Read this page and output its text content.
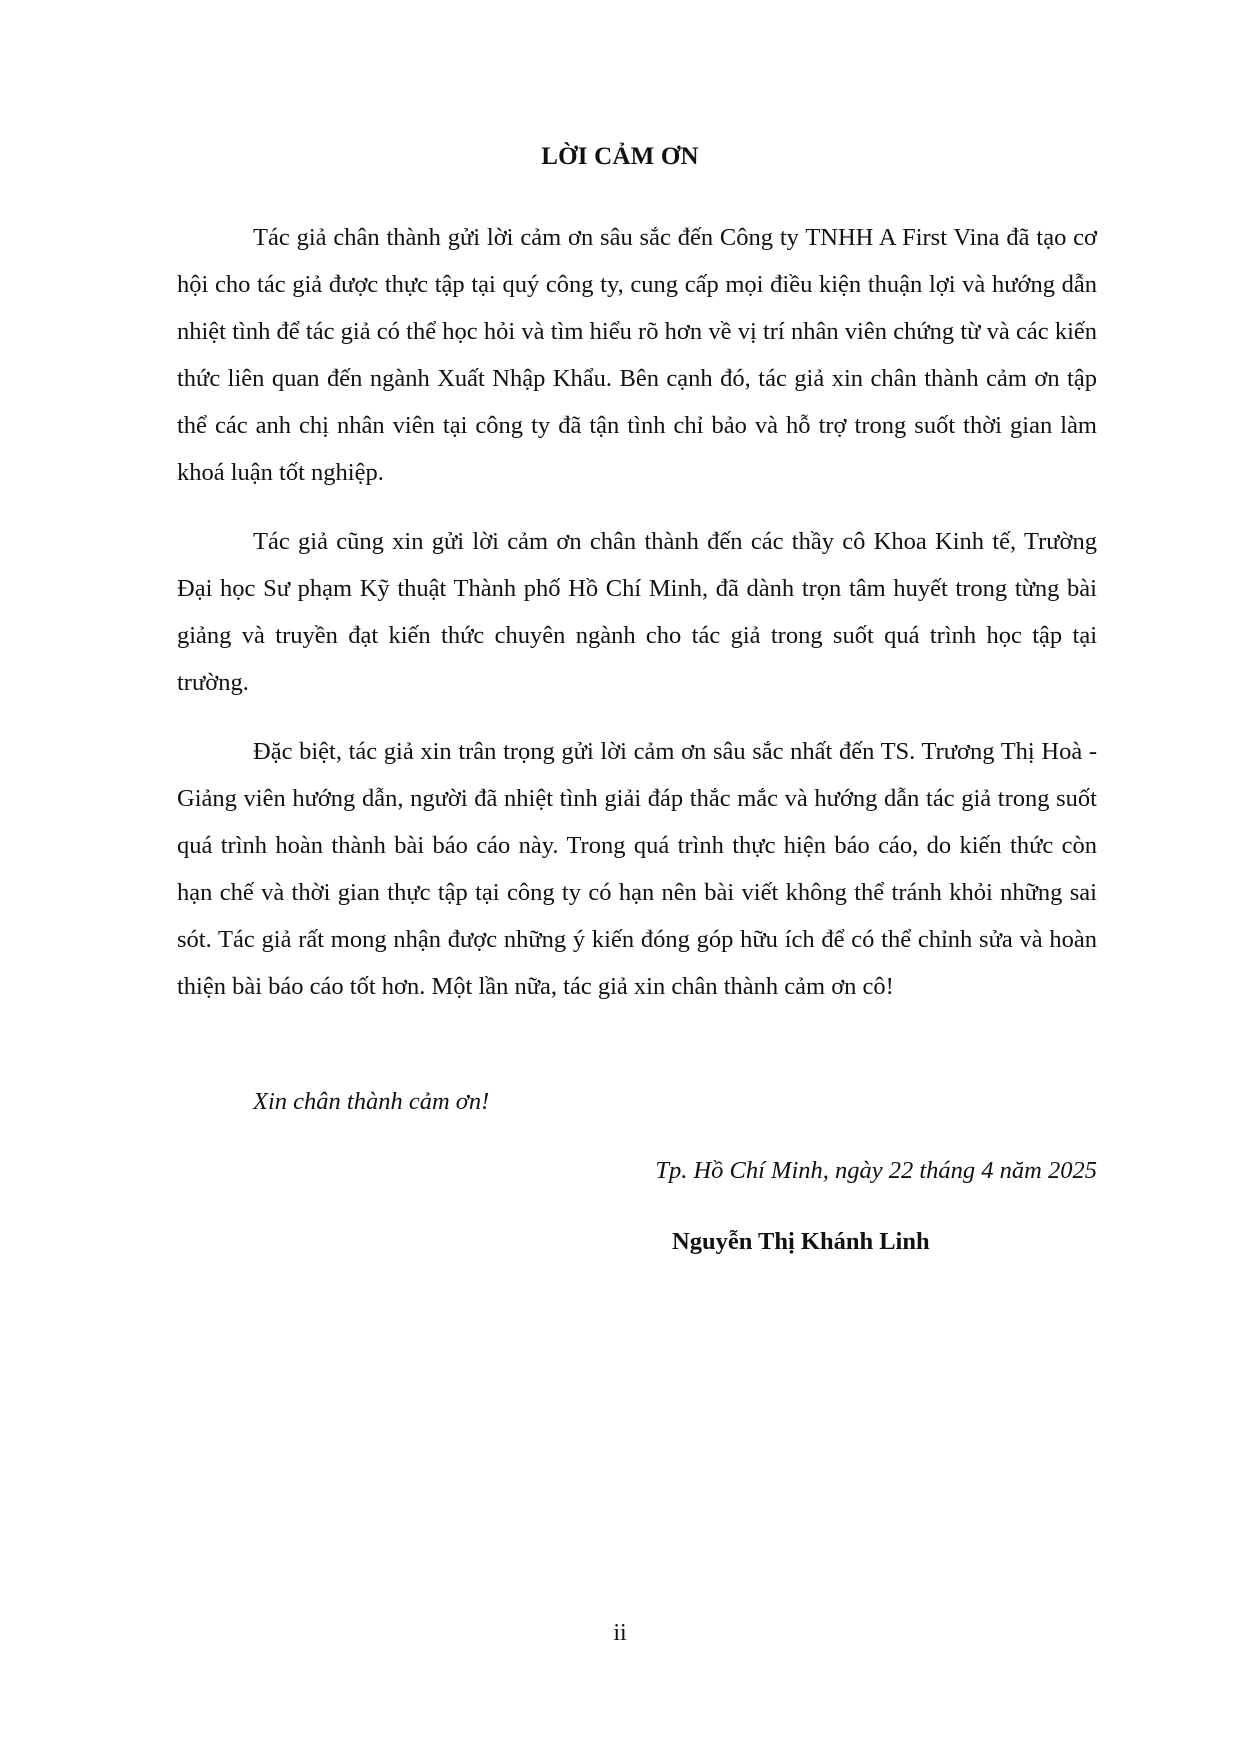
LỜI CẢM ƠN

Tác giả chân thành gửi lời cảm ơn sâu sắc đến Công ty TNHH A First Vina đã tạo cơ hội cho tác giả được thực tập tại quý công ty, cung cấp mọi điều kiện thuận lợi và hướng dẫn nhiệt tình để tác giả có thể học hỏi và tìm hiểu rõ hơn về vị trí nhân viên chứng từ và các kiến thức liên quan đến ngành Xuất Nhập Khẩu. Bên cạnh đó, tác giả xin chân thành cảm ơn tập thể các anh chị nhân viên tại công ty đã tận tình chỉ bảo và hỗ trợ trong suốt thời gian làm khoá luận tốt nghiệp.

Tác giả cũng xin gửi lời cảm ơn chân thành đến các thầy cô Khoa Kinh tế, Trường Đại học Sư phạm Kỹ thuật Thành phố Hồ Chí Minh, đã dành trọn tâm huyết trong từng bài giảng và truyền đạt kiến thức chuyên ngành cho tác giả trong suốt quá trình học tập tại trường.

Đặc biệt, tác giả xin trân trọng gửi lời cảm ơn sâu sắc nhất đến TS. Trương Thị Hoà - Giảng viên hướng dẫn, người đã nhiệt tình giải đáp thắc mắc và hướng dẫn tác giả trong suốt quá trình hoàn thành bài báo cáo này. Trong quá trình thực hiện báo cáo, do kiến thức còn hạn chế và thời gian thực tập tại công ty có hạn nên bài viết không thể tránh khỏi những sai sót. Tác giả rất mong nhận được những ý kiến đóng góp hữu ích để có thể chỉnh sửa và hoàn thiện bài báo cáo tốt hơn. Một lần nữa, tác giả xin chân thành cảm ơn cô!

Xin chân thành cảm ơn!
Tp. Hồ Chí Minh, ngày 22 tháng 4 năm 2025
Nguyễn Thị Khánh Linh
ii
